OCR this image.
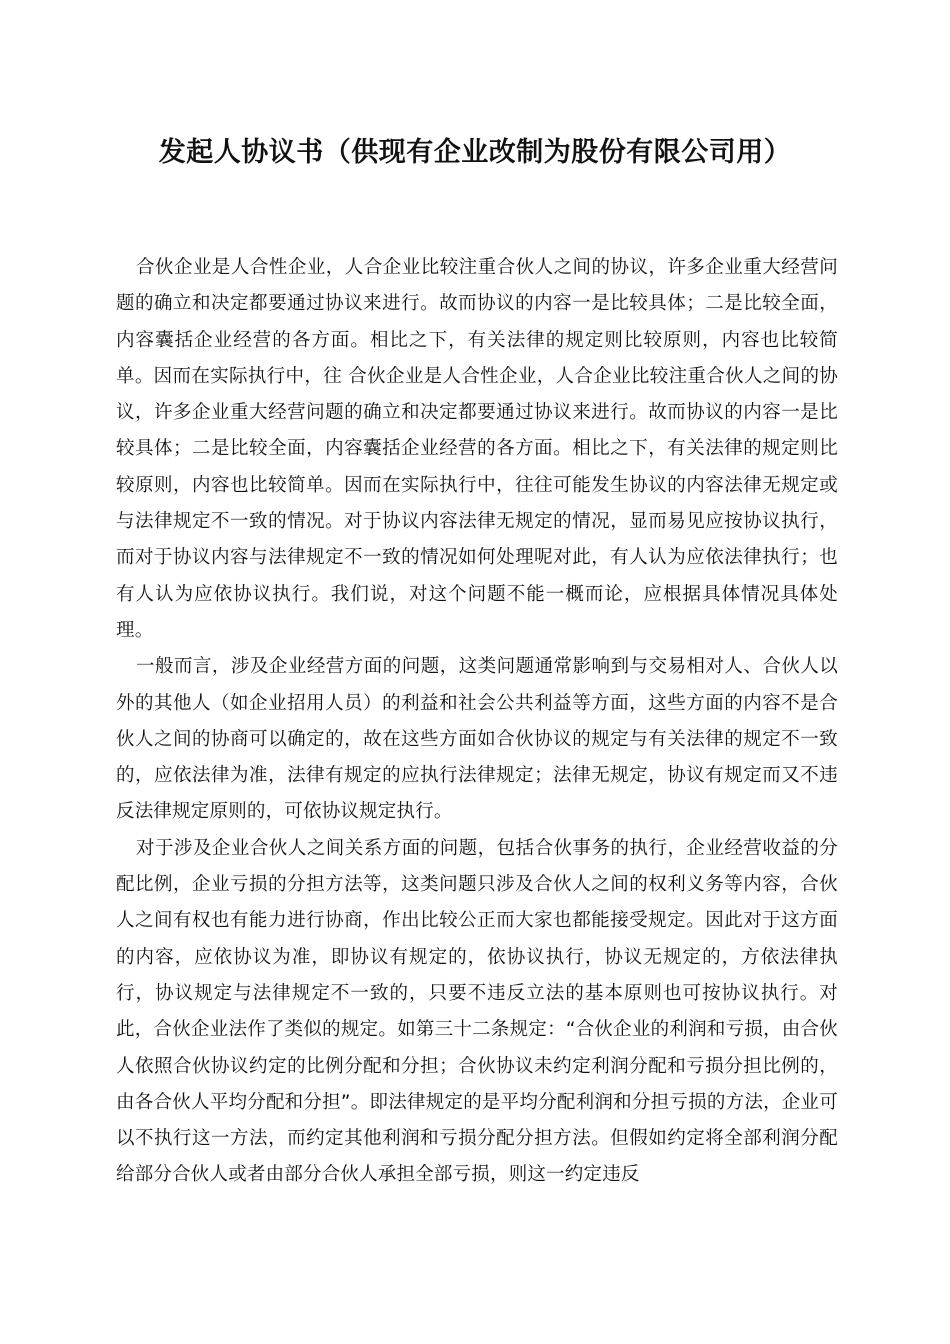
发起人协议书（供现有企业改制为股份有限公司用）

合伙企业是人合性企业，人合企业比较注重合伙人之间的协议，许多企业重大经营问题的确立和决定都要通过协议来进行。故而协议的内容一是比较具体；二是比较全面，内容囊括企业经营的各方面。相比之下，有关法律的规定则比较原则，内容也比较简单。因而在实际执行中，往 合伙企业是人合性企业，人合企业比较注重合伙人之间的协议，许多企业重大经营问题的确立和决定都要通过协议来进行。故而协议的内容一是比较具体；二是比较全面，内容囊括企业经营的各方面。相比之下，有关法律的规定则比较原则，内容也比较简单。因而在实际执行中，往往可能发生协议的内容法律无规定或与法律规定不一致的情况。对于协议内容法律无规定的情况，显而易见应按协议执行，而对于协议内容与法律规定不一致的情况如何处理呢对此，有人认为应依法律执行；也有人认为应依协议执行。我们说，对这个问题不能一概而论，应根据具体情况具体处理。

一般而言，涉及企业经营方面的问题，这类问题通常影响到与交易相对人、合伙人以外的其他人（如企业招用人员）的利益和社会公共利益等方面，这些方面的内容不是合伙人之间的协商可以确定的，故在这些方面如合伙协议的规定与有关法律的规定不一致的，应依法律为准，法律有规定的应执行法律规定；法律无规定，协议有规定而又不违反法律规定原则的，可依协议规定执行。

对于涉及企业合伙人之间关系方面的问题，包括合伙事务的执行，企业经营收益的分配比例，企业亏损的分担方法等，这类问题只涉及合伙人之间的权利义务等内容，合伙人之间有权也有能力进行协商，作出比较公正而大家也都能接受规定。因此对于这方面的内容，应依协议为准，即协议有规定的，依协议执行，协议无规定的，方依法律执行，协议规定与法律规定不一致的，只要不违反立法的基本原则也可按协议执行。对此，合伙企业法作了类似的规定。如第三十二条规定：“合伙企业的利润和亏损，由合伙人依照合伙协议约定的比例分配和分担；合伙协议未约定利润分配和亏损分担比例的，由各合伙人平均分配和分担”。即法律规定的是平均分配利润和分担亏损的方法，企业可以不执行这一方法，而约定其他利润和亏损分配分担方法。但假如约定将全部利润分配给部分合伙人或者由部分合伙人承担全部亏损，则这一约定违反
